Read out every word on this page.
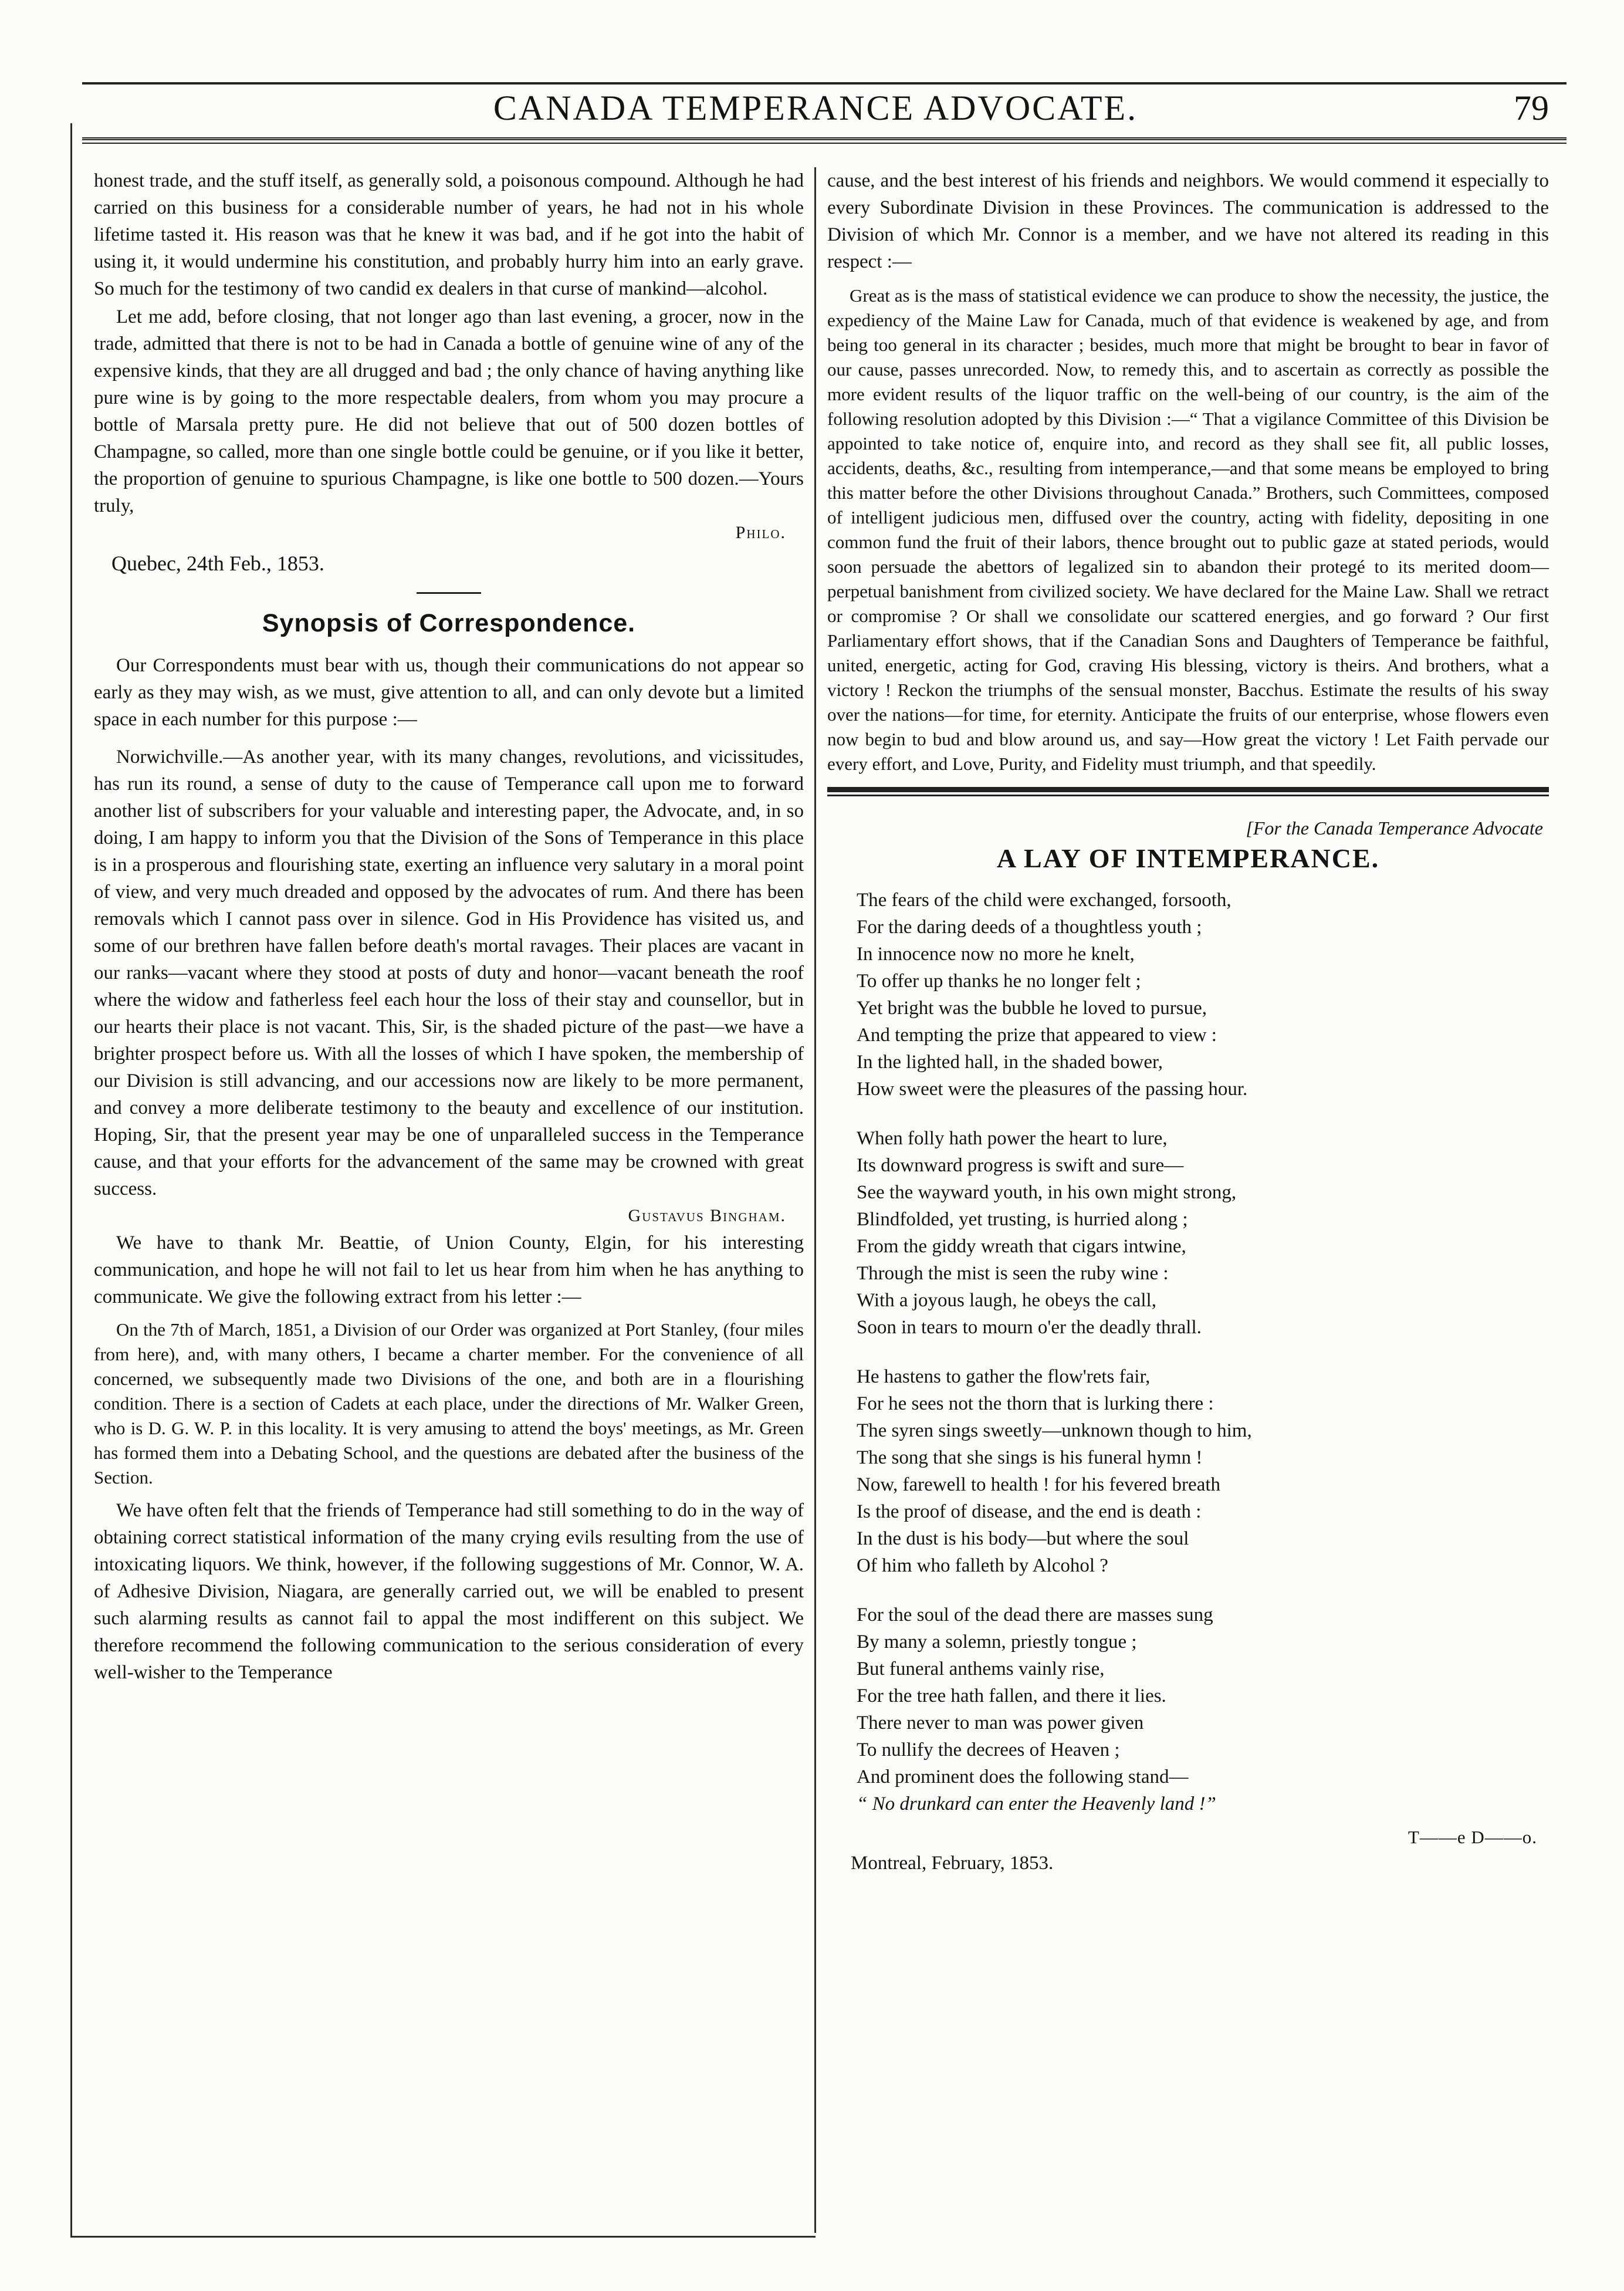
CANADA TEMPERANCE ADVOCATE.	79

honest trade, and the stuff itself, as generally sold, a poisonous compound. Although he had carried on this business for a considerable number of years, he had not in his whole lifetime tasted it. His reason was that he knew it was bad, and if he got into the habit of using it, it would undermine his constitution, and probably hurry him into an early grave. So much for the testimony of two candid ex dealers in that curse of mankind—alcohol.

Let me add, before closing, that not longer ago than last evening, a grocer, now in the trade, admitted that there is not to be had in Canada a bottle of genuine wine of any of the expensive kinds, that they are all drugged and bad ; the only chance of having anything like pure wine is by going to the more respectable dealers, from whom you may procure a bottle of Marsala pretty pure. He did not believe that out of 500 dozen bottles of Champagne, so called, more than one single bottle could be genuine, or if you like it better, the proportion of genuine to spurious Champagne, is like one bottle to 500 dozen.—Yours truly,

Philo.
Quebec, 24th Feb., 1853.
Synopsis of Correspondence.

Our Correspondents must bear with us, though their communications do not appear so early as they may wish, as we must, give attention to all, and can only devote but a limited space in each number for this purpose :—

Norwichville.—As another year, with its many changes, revolutions, and vicissitudes, has run its round, a sense of duty to the cause of Temperance call upon me to forward another list of subscribers for your valuable and interesting paper, the Advocate, and, in so doing, I am happy to inform you that the Division of the Sons of Temperance in this place is in a prosperous and flourishing state, exerting an influence very salutary in a moral point of view, and very much dreaded and opposed by the advocates of rum. And there has been removals which I cannot pass over in silence. God in His Providence has visited us, and some of our brethren have fallen before death's mortal ravages. Their places are vacant in our ranks—vacant where they stood at posts of duty and honor—vacant beneath the roof where the widow and fatherless feel each hour the loss of their stay and counsellor, but in our hearts their place is not vacant. This, Sir, is the shaded picture of the past—we have a brighter prospect before us. With all the losses of which I have spoken, the membership of our Division is still advancing, and our accessions now are likely to be more permanent, and convey a more deliberate testimony to the beauty and excellence of our institution. Hoping, Sir, that the present year may be one of unparalleled success in the Temperance cause, and that your efforts for the advancement of the same may be crowned with great success.

Gustavus Bingham.

We have to thank Mr. Beattie, of Union County, Elgin, for his interesting communication, and hope he will not fail to let us hear from him when he has anything to communicate. We give the following extract from his letter :—

On the 7th of March, 1851, a Division of our Order was organized at Port Stanley, (four miles from here), and, with many others, I became a charter member. For the convenience of all concerned, we subsequently made two Divisions of the one, and both are in a flourishing condition. There is a section of Cadets at each place, under the directions of Mr. Walker Green, who is D. G. W. P. in this locality. It is very amusing to attend the boys' meetings, as Mr. Green has formed them into a Debating School, and the questions are debated after the business of the Section.

We have often felt that the friends of Temperance had still something to do in the way of obtaining correct statistical information of the many crying evils resulting from the use of intoxicating liquors. We think, however, if the following suggestions of Mr. Connor, W. A. of Adhesive Division, Niagara, are generally carried out, we will be enabled to present such alarming results as cannot fail to appal the most indifferent on this subject. We therefore recommend the following communication to the serious consideration of every well-wisher to the Temperance

cause, and the best interest of his friends and neighbors. We would commend it especially to every Subordinate Division in these Provinces. The communication is addressed to the Division of which Mr. Connor is a member, and we have not altered its reading in this respect :—

Great as is the mass of statistical evidence we can produce to show the necessity, the justice, the expediency of the Maine Law for Canada, much of that evidence is weakened by age, and from being too general in its character ; besides, much more that might be brought to bear in favor of our cause, passes unrecorded. Now, to remedy this, and to ascertain as correctly as possible the more evident results of the liquor traffic on the well-being of our country, is the aim of the following resolution adopted by this Division :—“ That a vigilance Committee of this Division be appointed to take notice of, enquire into, and record as they shall see fit, all public losses, accidents, deaths, &c., resulting from intemperance,—and that some means be employed to bring this matter before the other Divisions throughout Canada.” Brothers, such Committees, composed of intelligent judicious men, diffused over the country, acting with fidelity, depositing in one common fund the fruit of their labors, thence brought out to public gaze at stated periods, would soon persuade the abettors of legalized sin to abandon their protegé to its merited doom—perpetual banishment from civilized society. We have declared for the Maine Law. Shall we retract or compromise ? Or shall we consolidate our scattered energies, and go forward ? Our first Parliamentary effort shows, that if the Canadian Sons and Daughters of Temperance be faithful, united, energetic, acting for God, craving His blessing, victory is theirs. And brothers, what a victory ! Reckon the triumphs of the sensual monster, Bacchus. Estimate the results of his sway over the nations—for time, for eternity. Anticipate the fruits of our enterprise, whose flowers even now begin to bud and blow around us, and say—How great the victory ! Let Faith pervade our every effort, and Love, Purity, and Fidelity must triumph, and that speedily.

[For the Canada Temperance Advocate
A LAY OF INTEMPERANCE.
The fears of the child were exchanged, forsooth,
For the daring deeds of a thoughtless youth ;
In innocence now no more he knelt,
To offer up thanks he no longer felt ;
Yet bright was the bubble he loved to pursue,
And tempting the prize that appeared to view :
In the lighted hall, in the shaded bower,
How sweet were the pleasures of the passing hour.
When folly hath power the heart to lure,
Its downward progress is swift and sure—
See the wayward youth, in his own might strong,
Blindfolded, yet trusting, is hurried along ;
From the giddy wreath that cigars intwine,
Through the mist is seen the ruby wine :
With a joyous laugh, he obeys the call,
Soon in tears to mourn o'er the deadly thrall.
He hastens to gather the flow'rets fair,
For he sees not the thorn that is lurking there :
The syren sings sweetly—unknown though to him,
The song that she sings is his funeral hymn !
Now, farewell to health ! for his fevered breath
Is the proof of disease, and the end is death :
In the dust is his body—but where the soul
Of him who falleth by Alcohol ?
For the soul of the dead there are masses sung
By many a solemn, priestly tongue ;
But funeral anthems vainly rise,
For the tree hath fallen, and there it lies.
There never to man was power given
To nullify the decrees of Heaven ;
And prominent does the following stand—
“ No drunkard can enter the Heavenly land !”
T——e D——o.
Montreal, February, 1853.
